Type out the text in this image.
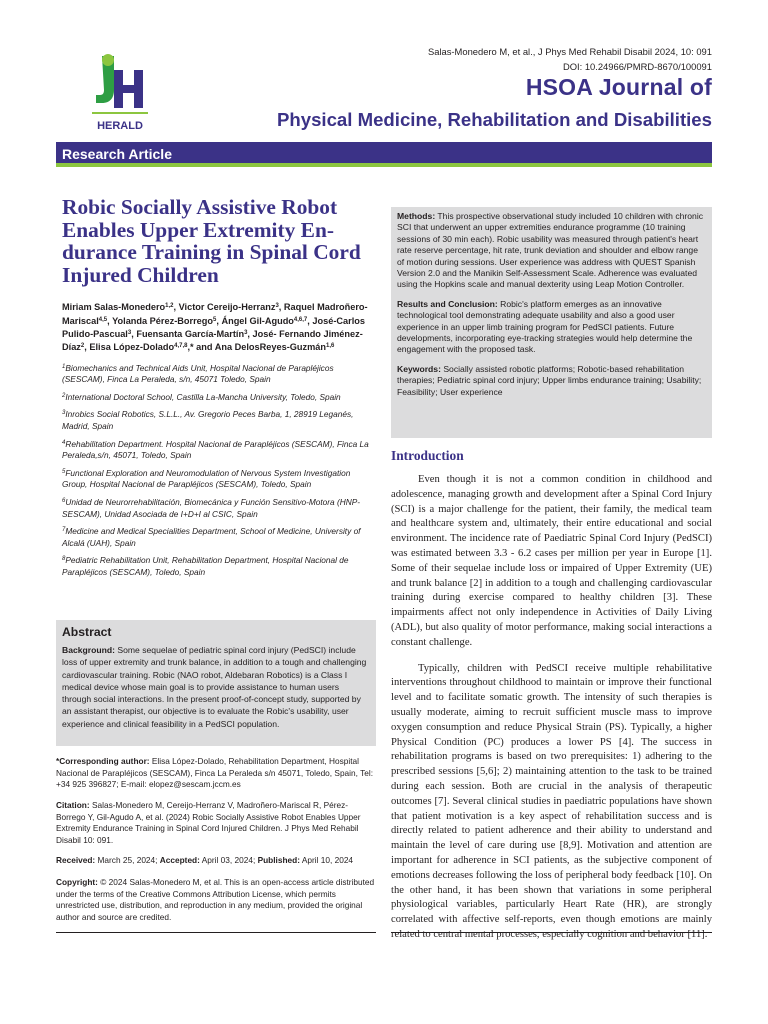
HERALD
Salas-Monedero M, et al., J Phys Med Rehabil Disabil 2024, 10: 091
DOI: 10.24966/PMRD-8670/100091
HSOA Journal of
Physical Medicine, Rehabilitation and Disabilities
Research Article
Robic Socially Assistive Robot Enables Upper Extremity En- durance Training in Spinal Cord Injured Children
Miriam Salas-Monedero$^{1,2}$, Victor Cereijo-Herranz$^3$, Raquel Madroñero-Mariscal$^{4,5}$, Yolanda Pérez-Borrego$^5$, Ángel Gil-Agudo$^{4,6,7}$, José-Carlos Pulido-Pascual$^3$, Fuensanta García-Martín$^3$, José- Fernando Jiménez-Díaz$^2$, Elisa López-Dolado$^{4,7,8}$,* and Ana DelosReyes-Guzmán$^{1,6}$
$^1$Biomechanics and Technical Aids Unit, Hospital Nacional de Parapléjicos (SESCAM), Finca La Peraleda, s/n, 45071 Toledo, Spain
$^2$International Doctoral School, Castilla La-Mancha University, Toledo, Spain
$^3$Inrobics Social Robotics, S.L.L., Av. Gregorio Peces Barba, 1, 28919 Leganés, Madrid, Spain
$^4$Rehabilitation Department. Hospital Nacional de Parapléjicos (SESCAM), Finca La Peraleda,s/n, 45071, Toledo, Spain
$^5$Functional Exploration and Neuromodulation of Nervous System Investigation Group, Hospital Nacional de Parapléjicos (SESCAM), Toledo, Spain
$^6$Unidad de Neurorrehabilitación, Biomecánica y Función Sensitivo-Motora (HNP-SESCAM), Unidad Asociada de I+D+I al CSIC, Spain
$^7$Medicine and Medical Specialities Department, School of Medicine, University of Alcalá (UAH), Spain
$^8$Pediatric Rehabilitation Unit, Rehabilitation Department, Hospital Nacional de Parapléjicos (SESCAM), Toledo, Spain
Abstract

Background: Some sequelae of pediatric spinal cord injury (PedSCI) include loss of upper extremity and trunk balance, in addition to a tough and challenging cardiovascular training. Robic (NAO robot, Aldebaran Robotics) is a Class I medical device whose main goal is to provide assistance to human users through social interactions. In the present proof-of-concept study, supported by an assistant therapist, our objective is to evaluate the Robic's usability, user experience and clinical feasibility in a PedSCI population.

*Corresponding author: Elisa López-Dolado, Rehabilitation Department, Hospital Nacional de Parapléjicos (SESCAM), Finca La Peraleda s/n 45071, Toledo, Spain, Tel: +34 925 396827; E-mail: elopez@sescam.jccm.es
Citation: Salas-Monedero M, Cereijo-Herranz V, Madroñero-Mariscal R, Pérez-Borrego Y, Gil-Agudo A, et al. (2024) Robic Socially Assistive Robot Enables Upper Extremity Endurance Training in Spinal Cord Injured Children. J Phys Med Rehabil Disabil 10: 091.
Received: March 25, 2024; Accepted: April 03, 2024; Published: April 10, 2024
Copyright: © 2024 Salas-Monedero M, et al. This is an open-access article distributed under the terms of the Creative Commons Attribution License, which permits unrestricted use, distribution, and reproduction in any medium, provided the original author and source are credited.

Methods: This prospective observational study included 10 children with chronic SCI that underwent an upper extremities endurance programme (10 training sessions of 30 min each). Robic usability was measured through patient's heart rate reserve percentage, hit rate, trunk deviation and shoulder and elbow range of motion during sessions. User experience was address with QUEST Spanish Version 2.0 and the Manikin Self-Assessment Scale. Adherence was evaluated using the Hopkins scale and manual dexterity using Leap Motion Controller.

Results and Conclusion: Robic's platform emerges as an innovative technological tool demonstrating adequate usability and also a good user experience in an upper limb training program for PedSCI patients. Future developments, incorporating eye-tracking strategies would help determine the engagement with the proposed task.

Keywords: Socially assisted robotic platforms; Robotic-based rehabilitation therapies; Pediatric spinal cord injury; Upper limbs endurance training; Usability; Feasibility; User experience

Introduction

Even though it is not a common condition in childhood and adolescence, managing growth and development after a Spinal Cord Injury (SCI) is a major challenge for the patient, their family, the medical team and healthcare system and, ultimately, their entire educational and social environment. The incidence rate of Paediatric Spinal Cord Injury (PedSCI) was estimated between 3.3 - 6.2 cases per million per year in Europe [1]. Some of their sequelae include loss or impaired of Upper Extremity (UE) and trunk balance [2] in addition to a tough and challenging cardiovascular training during exercise compared to healthy children [3]. These impairments affect not only independence in Activities of Daily Living (ADL), but also quality of motor performance, making social interactions a constant challenge.

Typically, children with PedSCI receive multiple rehabilitative interventions throughout childhood to maintain or improve their functional level and to facilitate somatic growth. The intensity of such therapies is usually moderate, aiming to recruit sufficient muscle mass to improve oxygen consumption and reduce Physical Strain (PS). Typically, a higher Physical Condition (PC) produces a lower PS [4]. The success in rehabilitation programs is based on two prerequisites: 1) adhering to the prescribed sessions [5,6]; 2) maintaining attention to the task to be trained during each session. Both are crucial in the analysis of therapeutic outcomes [7]. Several clinical studies in paediatric populations have shown that patient motivation is a key aspect of rehabilitation success and is directly related to patient adherence and their ability to understand and maintain the level of care during use [8,9]. Motivation and attention are important for adherence in SCI patients, as the subjective component of emotions decreases following the loss of peripheral body feedback [10]. On the other hand, it has been shown that variations in some peripheral physiological variables, particularly Heart Rate (HR), are strongly correlated with affective self-reports, even though emotions are mainly related to central mental processes, especially cognition and behavior [11].
